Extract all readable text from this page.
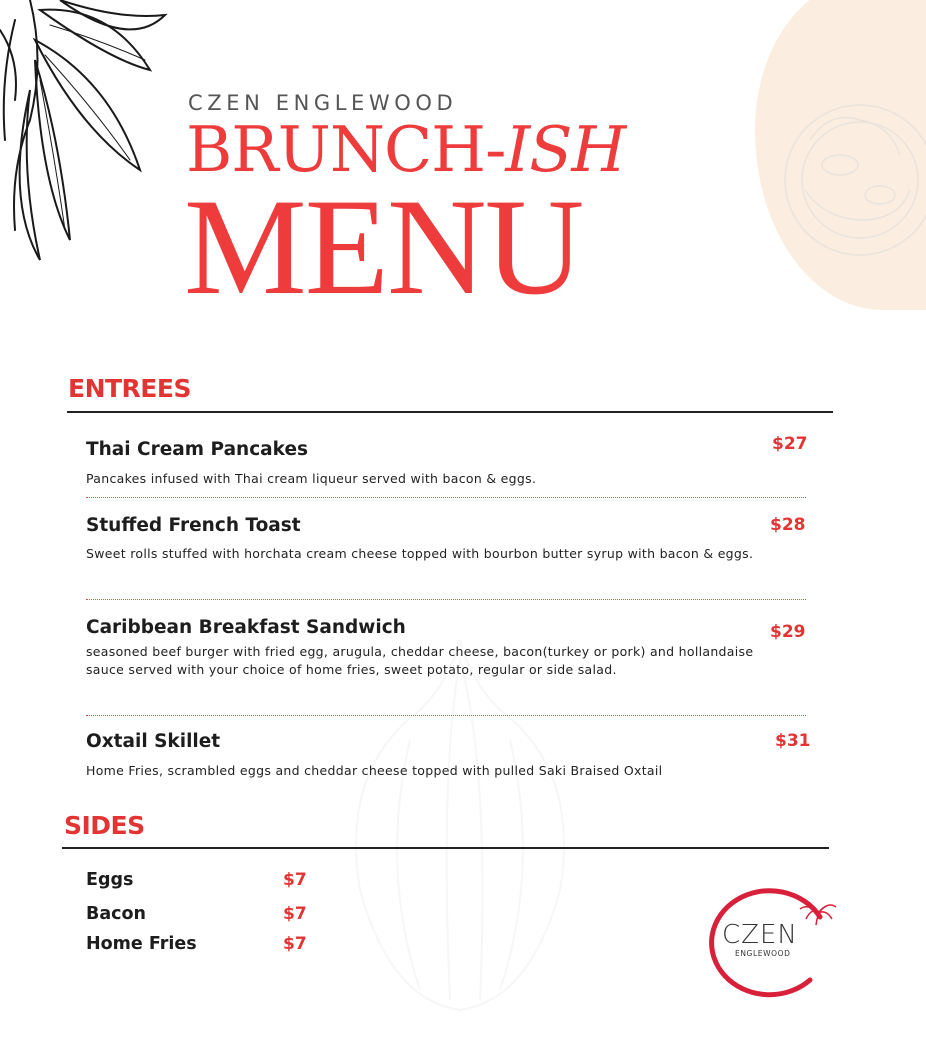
CZEN ENGLEWOOD
BRUNCH-ISH
MENU
ENTREES
Thai Cream Pancakes	$27
Pancakes infused with Thai cream liqueur served with bacon & eggs.
Stuffed French Toast	$28
Sweet rolls stuffed with horchata cream cheese topped with bourbon butter syrup with bacon & eggs.
Caribbean Breakfast Sandwich	$29
seasoned beef burger with fried egg, arugula, cheddar cheese, bacon(turkey or pork) and hollandaise sauce served with your choice of home fries, sweet potato, regular or side salad.
Oxtail Skillet	$31
Home Fries, scrambled eggs and cheddar cheese topped with pulled Saki Braised Oxtail
SIDES
Eggs	$7
Bacon	$7
Home Fries	$7	CZEN
ENGLEWOOD
